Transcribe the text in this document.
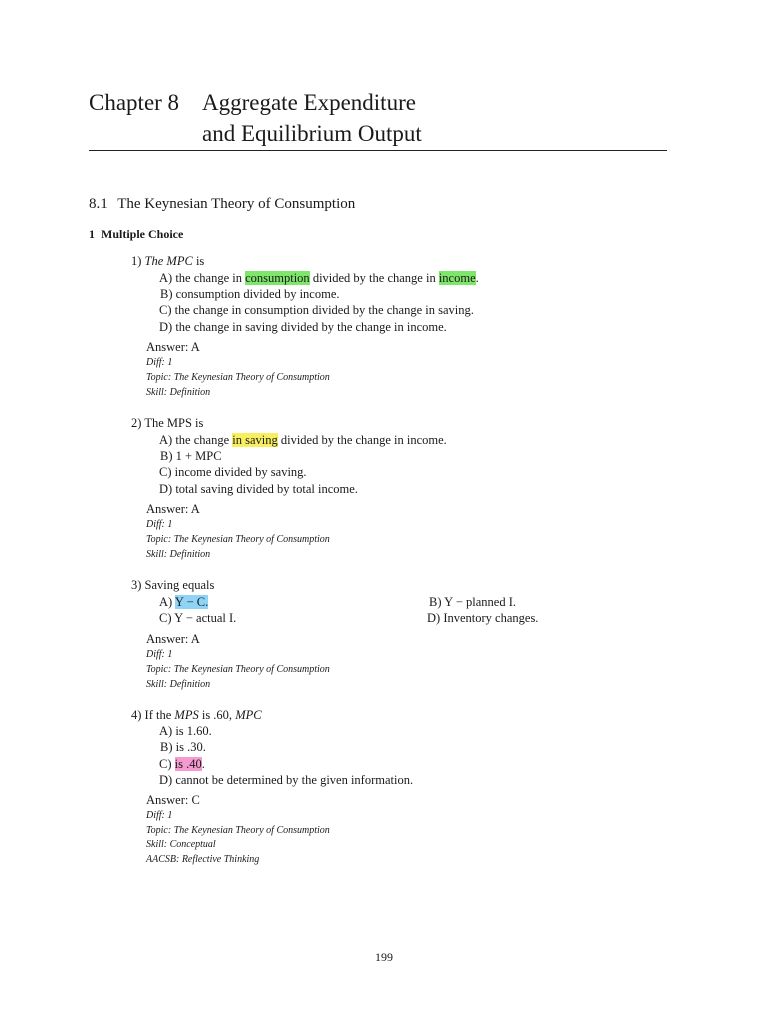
Chapter 8 Aggregate Expenditure
and Equilibrium Output
8.1 The Keynesian Theory of Consumption
1 Multiple Choice
1) The MPC is
A) the change in consumption divided by the change in income.
B) consumption divided by income.
C) the change in consumption divided by the change in saving.
D) the change in saving divided by the change in income.
Answer: A
Diff: 1
Topic: The Keynesian Theory of Consumption
Skill: Definition
2) The MPS is
A) the change in saving divided by the change in income.
B) 1 + MPC
C) income divided by saving.
D) total saving divided by total income.
Answer: A
Diff: 1
Topic: The Keynesian Theory of Consumption
Skill: Definition
3) Saving equals
A) Y − C.	B) Y − planned I.
C) Y − actual I.	D) Inventory changes.
Answer: A
Diff: 1
Topic: The Keynesian Theory of Consumption
Skill: Definition
4) If the MPS is .60, MPC
A) is 1.60.
B) is .30.
C) is .40.
D) cannot be determined by the given information.
Answer: C
Diff: 1
Topic: The Keynesian Theory of Consumption
Skill: Conceptual
AACSB: Reflective Thinking
199
